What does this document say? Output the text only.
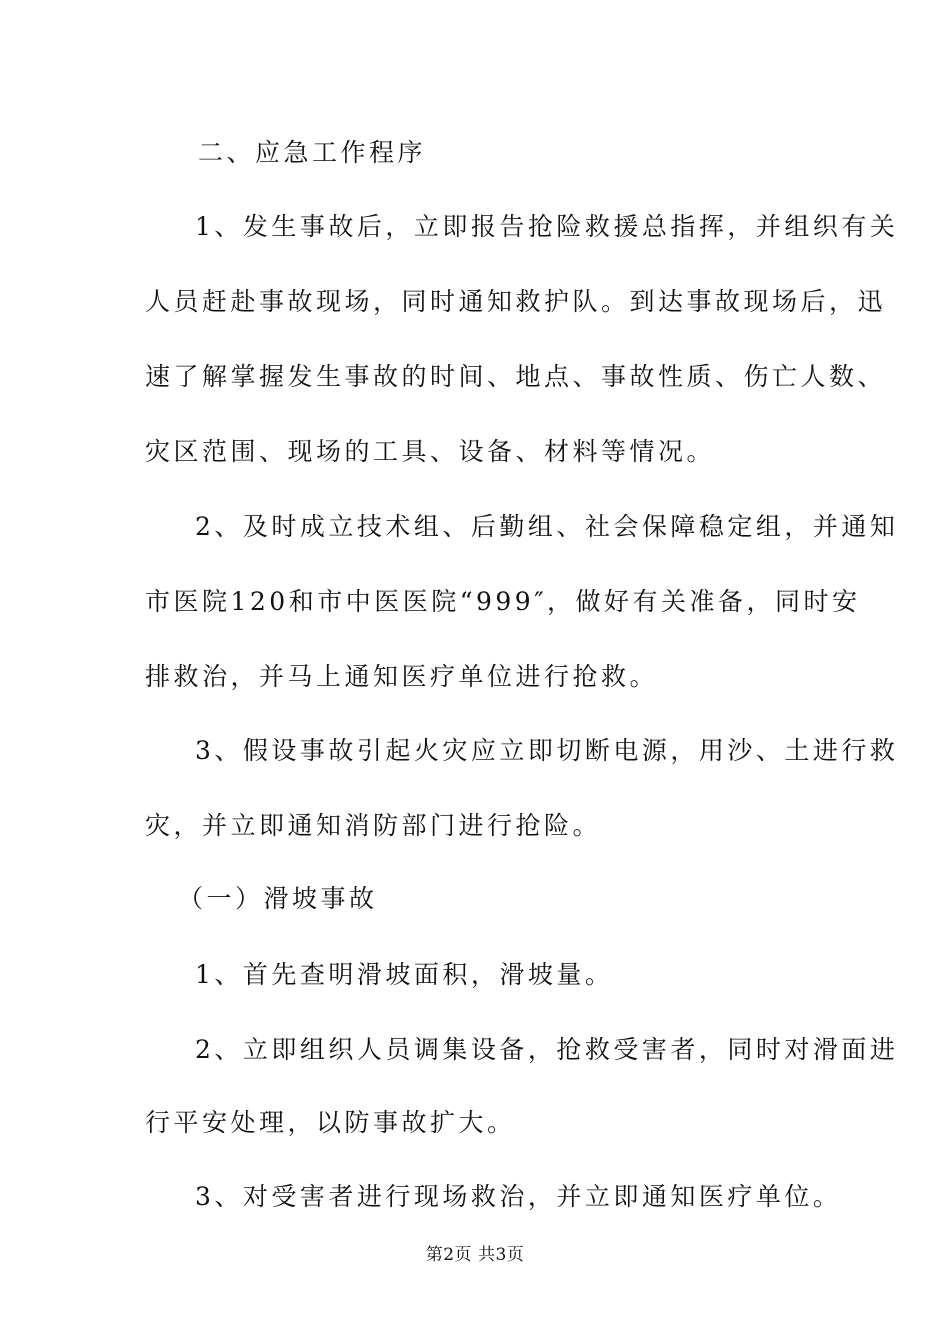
二、应急工作程序
1、发生事故后，立即报告抢险救援总指挥，并组织有关
人员赶赴事故现场，同时通知救护队。到达事故现场后，迅
速了解掌握发生事故的时间、地点、事故性质、伤亡人数、
灾区范围、现场的工具、设备、材料等情况。
2、及时成立技术组、后勤组、社会保障稳定组，并通知
市医院120和市中医医院“999″，做好有关准备，同时安
排救治，并马上通知医疗单位进行抢救。
3、假设事故引起火灾应立即切断电源，用沙、土进行救
灾，并立即通知消防部门进行抢险。
（一）滑坡事故
1、首先查明滑坡面积，滑坡量。
2、立即组织人员调集设备，抢救受害者，同时对滑面进
行平安处理，以防事故扩大。
3、对受害者进行现场救治，并立即通知医疗单位。
第2页 共3页
